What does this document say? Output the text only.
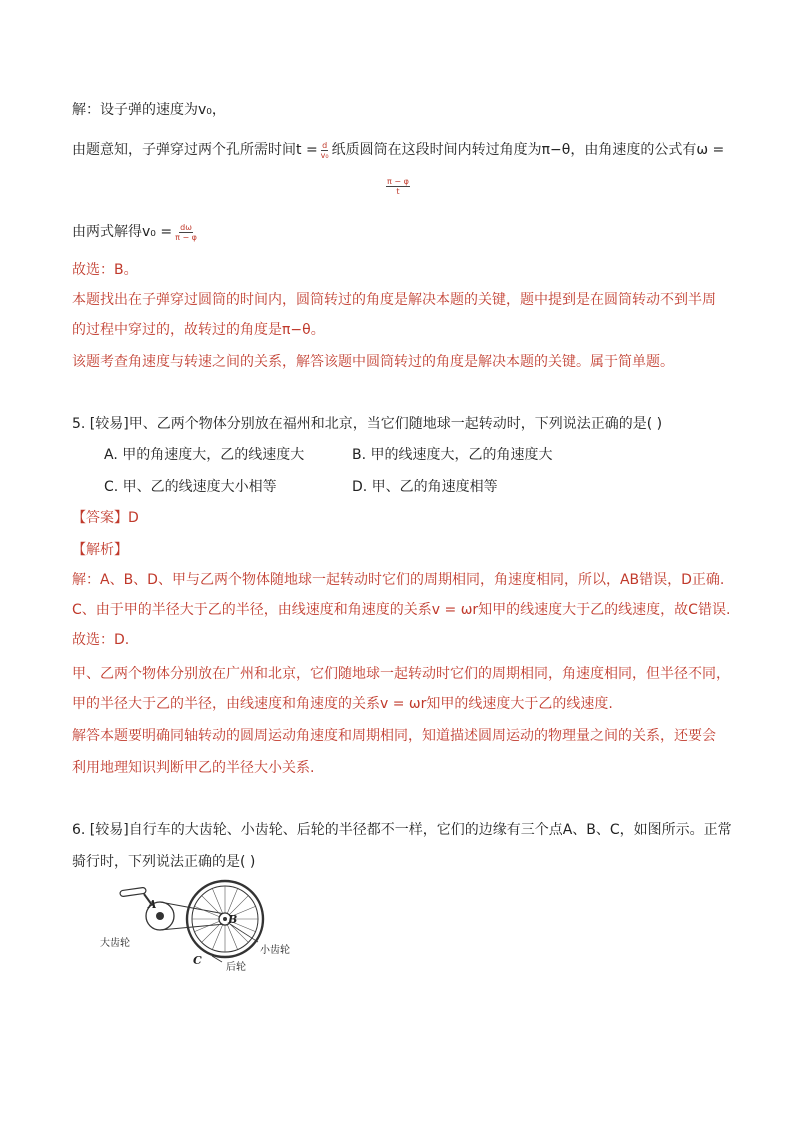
解：设子弹的速度为v₀，
由题意知，子弹穿过两个孔所需时间$t = \frac{d}{\text{v₀}}$ 纸质圆筒在这段时间内转过角度为π−θ，由角速度的公式有ω =
$\frac{\pi - \varphi}{t}$
由两式解得$v_0 = \frac{d\omega}{\pi - \varphi}$
故选：B。
本题找出在子弹穿过圆筒的时间内，圆筒转过的角度是解决本题的关键，题中提到是在圆筒转动不到半周
的过程中穿过的，故转过的角度是π−θ。
该题考查角速度与转速之间的关系，解答该题中圆筒转过的角度是解决本题的关键。属于简单题。
5. [较易]甲、乙两个物体分别放在福州和北京，当它们随地球一起转动时，下列说法正确的是( )
A. 甲的角速度大，乙的线速度大	B. 甲的线速度大，乙的角速度大
C. 甲、乙的线速度大小相等	D. 甲、乙的角速度相等
【答案】D
【解析】
解：A、B、D、甲与乙两个物体随地球一起转动时它们的周期相同，角速度相同，所以，AB错误，D正确.
C、由于甲的半径大于乙的半径，由线速度和角速度的关系v = ωr知甲的线速度大于乙的线速度，故C错误.
故选：D.
甲、乙两个物体分别放在广州和北京，它们随地球一起转动时它们的周期相同，角速度相同，但半径不同，
甲的半径大于乙的半径，由线速度和角速度的关系v = ωr知甲的线速度大于乙的线速度.
解答本题要明确同轴转动的圆周运动角速度和周期相同，知道描述圆周运动的物理量之间的关系，还要会
利用地理知识判断甲乙的半径大小关系.
6. [较易]自行车的大齿轮、小齿轮、后轮的半径都不一样，它们的边缘有三个点A、B、C，如图所示。正常
骑行时，下列说法正确的是( )
A
B
C
大齿轮
小齿轮
后轮
